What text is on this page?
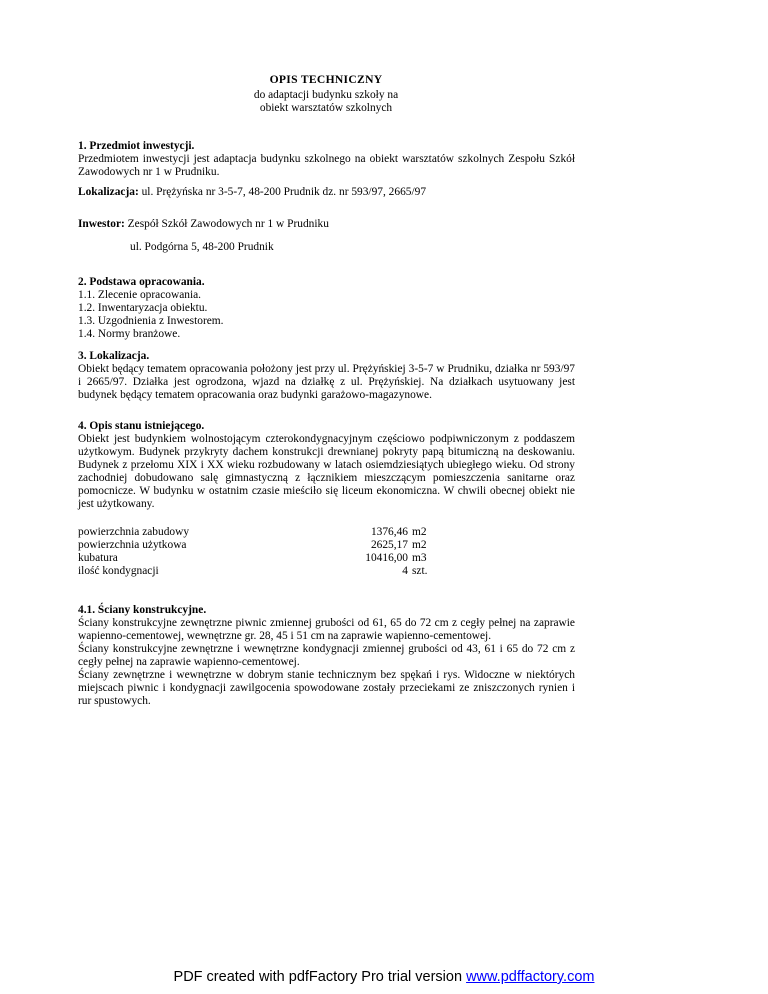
OPIS TECHNICZNY

do adaptacji budynku szkoły na

obiekt warsztatów szkolnych

1. Przedmiot inwestycji.

Przedmiotem inwestycji jest adaptacja budynku szkolnego na obiekt warsztatów szkolnych Zespołu Szkół Zawodowych nr 1 w Prudniku.

Lokalizacja: ul. Prężyńska nr 3-5-7, 48-200 Prudnik dz. nr 593/97, 2665/97
Inwestor: Zespół Szkół Zawodowych nr 1 w Prudniku
ul. Podgórna 5, 48-200 Prudnik
2. Podstawa opracowania.

1.1. Zlecenie opracowania.

1.2. Inwentaryzacja obiektu.

1.3. Uzgodnienia z Inwestorem.

1.4. Normy branżowe.

3. Lokalizacja.

Obiekt będący tematem opracowania położony jest przy ul. Prężyńskiej 3-5-7 w Prudniku, działka nr 593/97 i 2665/97. Działka jest ogrodzona, wjazd na działkę z ul. Prężyńskiej. Na działkach usytuowany jest budynek będący tematem opracowania oraz budynki garażowo-magazynowe.

4. Opis stanu istniejącego.

Obiekt jest budynkiem wolnostojącym czterokondygnacyjnym częściowo podpiwniczonym z poddaszem użytkowym. Budynek przykryty dachem konstrukcji drewnianej pokryty papą bitumiczną na deskowaniu. Budynek z przełomu XIX i XX wieku rozbudowany w latach osiemdziesiątych ubiegłego wieku. Od strony zachodniej dobudowano salę gimnastyczną z łącznikiem mieszczącym pomieszczenia sanitarne oraz pomocnicze. W budynku w ostatnim czasie mieściło się liceum ekonomiczna. W chwili obecnej obiekt nie jest użytkowany.

powierzchnia zabudowy	1376,46 m2
powierzchnia użytkowa	2625,17 m2
kubatura	10416,00 m3
ilość kondygnacji	4 szt.
4.1. Ściany konstrukcyjne.

Ściany konstrukcyjne zewnętrzne piwnic zmiennej grubości od 61, 65 do 72 cm z cegły pełnej na zaprawie wapienno-cementowej, wewnętrzne gr. 28, 45 i 51 cm na zaprawie wapienno-cementowej.

Ściany konstrukcyjne zewnętrzne i wewnętrzne kondygnacji zmiennej grubości od 43, 61 i 65 do 72 cm z cegły pełnej na zaprawie wapienno-cementowej.

Ściany zewnętrzne i wewnętrzne w dobrym stanie technicznym bez spękań i rys. Widoczne w niektórych miejscach piwnic i kondygnacji zawilgocenia spowodowane zostały przeciekami ze zniszczonych rynien i rur spustowych.

PDF created with pdfFactory Pro trial version www.pdffactory.com
